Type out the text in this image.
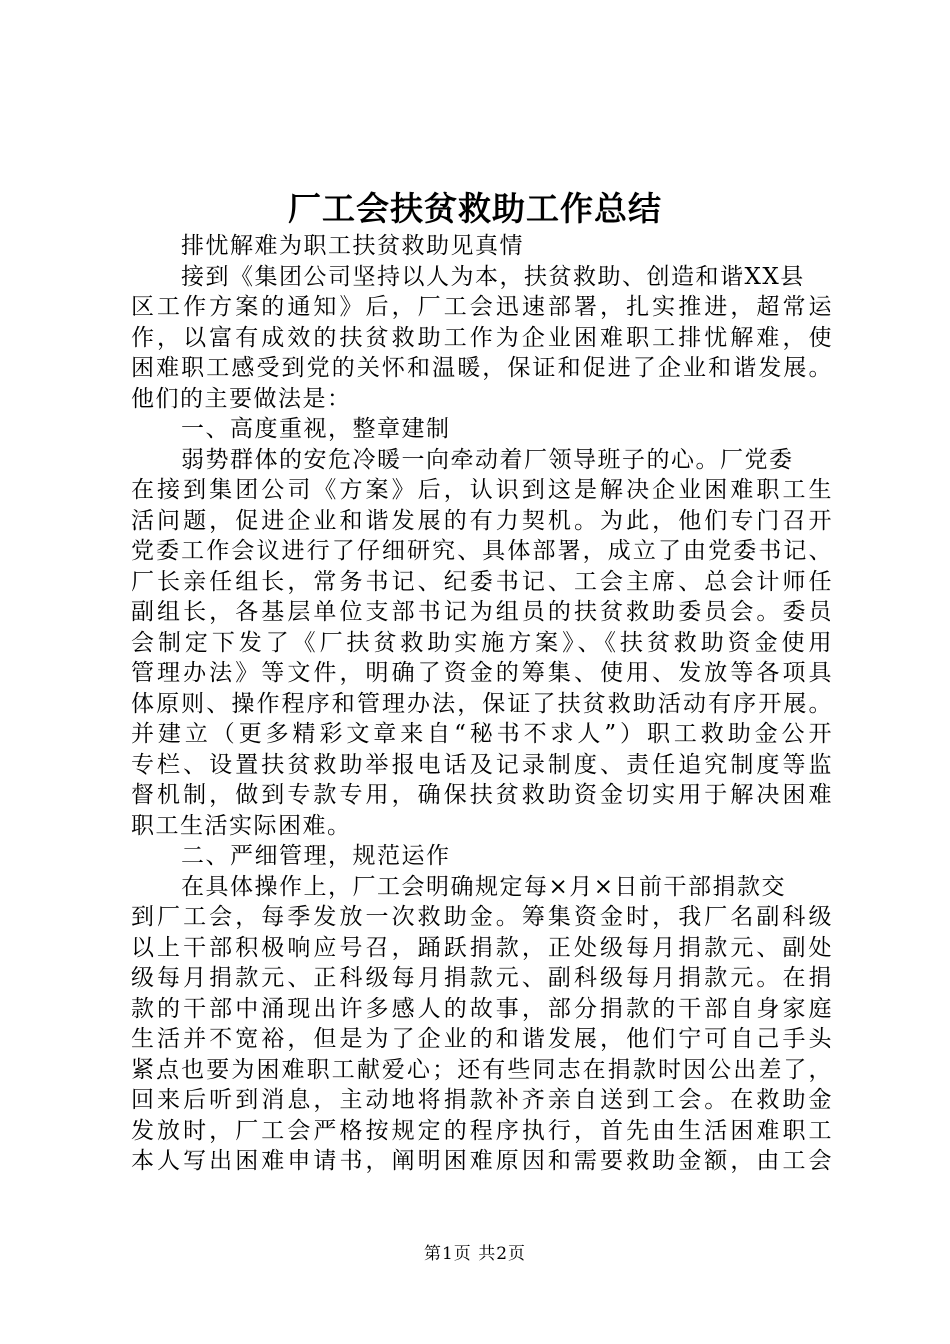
厂工会扶贫救助工作总结
排忧解难为职工扶贫救助见真情
接到《集团公司坚持以人为本，扶贫救助、创造和谐XX县
区工作方案的通知》后，厂工会迅速部署，扎实推进，超常运
作，以富有成效的扶贫救助工作为企业困难职工排忧解难，使
困难职工感受到党的关怀和温暖，保证和促进了企业和谐发展。
他们的主要做法是：
一、高度重视，整章建制
弱势群体的安危冷暖一向牵动着厂领导班子的心。厂党委
在接到集团公司《方案》后，认识到这是解决企业困难职工生
活问题，促进企业和谐发展的有力契机。为此，他们专门召开
党委工作会议进行了仔细研究、具体部署，成立了由党委书记、
厂长亲任组长，常务书记、纪委书记、工会主席、总会计师任
副组长，各基层单位支部书记为组员的扶贫救助委员会。委员
会制定下发了《厂扶贫救助实施方案》、《扶贫救助资金使用
管理办法》等文件，明确了资金的筹集、使用、发放等各项具
体原则、操作程序和管理办法，保证了扶贫救助活动有序开展。
并建立（更多精彩文章来自“秘书不求人”）职工救助金公开
专栏、设置扶贫救助举报电话及记录制度、责任追究制度等监
督机制，做到专款专用，确保扶贫救助资金切实用于解决困难
职工生活实际困难。
二、严细管理，规范运作
在具体操作上，厂工会明确规定每×月×日前干部捐款交
到厂工会，每季发放一次救助金。筹集资金时，我厂名副科级
以上干部积极响应号召，踊跃捐款，正处级每月捐款元、副处
级每月捐款元、正科级每月捐款元、副科级每月捐款元。在捐
款的干部中涌现出许多感人的故事，部分捐款的干部自身家庭
生活并不宽裕，但是为了企业的和谐发展，他们宁可自己手头
紧点也要为困难职工献爱心；还有些同志在捐款时因公出差了，
回来后听到消息，主动地将捐款补齐亲自送到工会。在救助金
发放时，厂工会严格按规定的程序执行，首先由生活困难职工
本人写出困难申请书，阐明困难原因和需要救助金额，由工会
第1页 共2页
